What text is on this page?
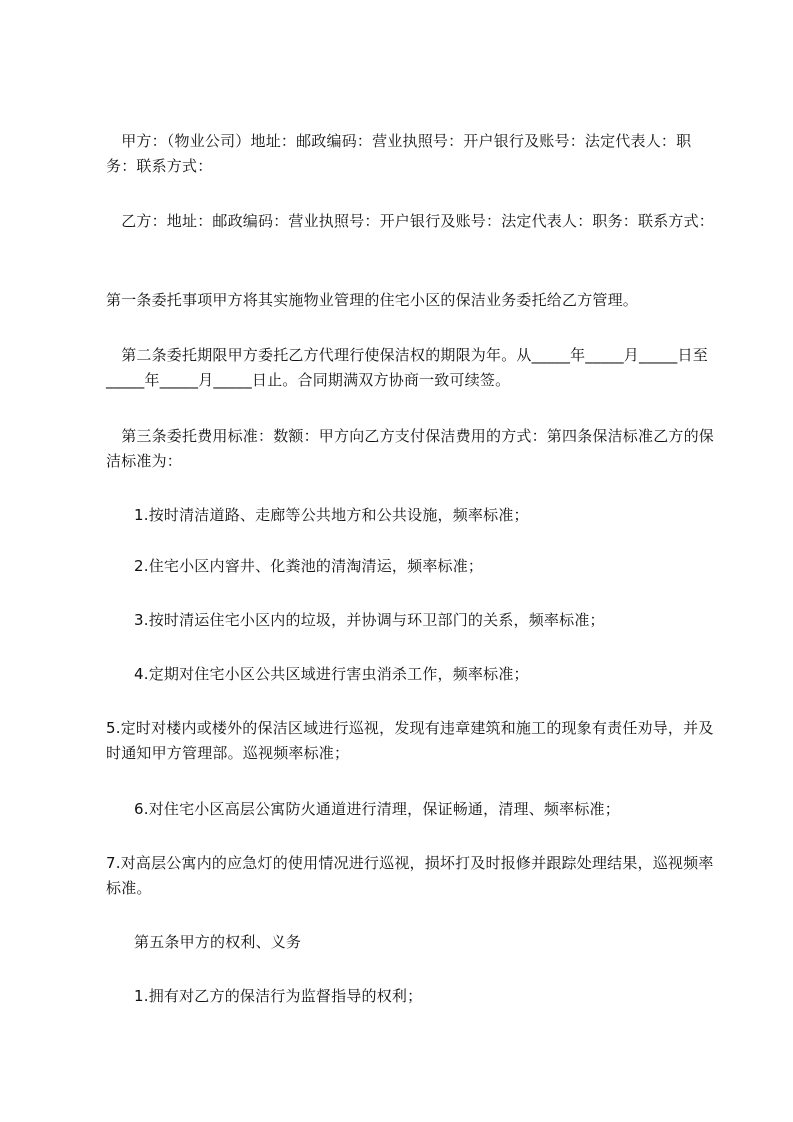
　甲方：（物业公司）地址：邮政编码：营业执照号：开户银行及账号：法定代表人：职务：联系方式：

　乙方：地址：邮政编码：营业执照号：开户银行及账号：法定代表人：职务：联系方式：

第一条委托事项甲方将其实施物业管理的住宅小区的保洁业务委托给乙方管理。

　第二条委托期限甲方委托乙方代理行使保洁权的期限为年。从_____年_____月_____日至_____年_____月_____日止。合同期满双方协商一致可续签。

　第三条委托费用标准：数额：甲方向乙方支付保洁费用的方式：第四条保洁标准乙方的保洁标准为：

1.按时清洁道路、走廊等公共地方和公共设施，频率标准；

2.住宅小区内窨井、化粪池的清淘清运，频率标准；

3.按时清运住宅小区内的垃圾，并协调与环卫部门的关系，频率标准；

4.定期对住宅小区公共区域进行害虫消杀工作，频率标准；

5.定时对楼内或楼外的保洁区域进行巡视，发现有违章建筑和施工的现象有责任劝导，并及时通知甲方管理部。巡视频率标准；

6.对住宅小区高层公寓防火通道进行清理，保证畅通，清理、频率标准；

7.对高层公寓内的应急灯的使用情况进行巡视，损坏打及时报修并跟踪处理结果，巡视频率标准。

第五条甲方的权利、义务

1.拥有对乙方的保洁行为监督指导的权利；
